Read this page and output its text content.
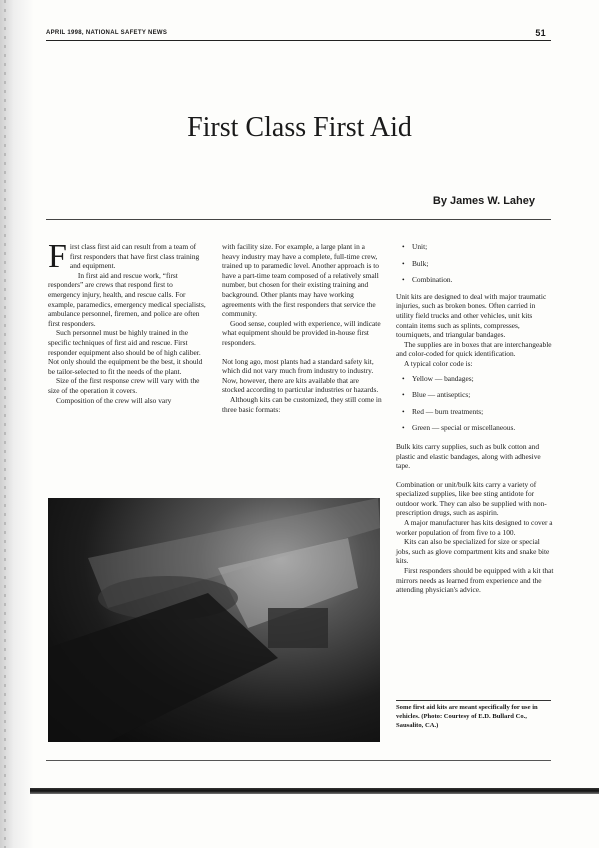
APRIL 1998, NATIONAL SAFETY NEWS	51
First Class First Aid
By James W. Lahey

First class first aid can result from a team of first responders that have first class training and equipment.

In first aid and rescue work, “first responders” are crews that respond first to emergency injury, health, and rescue calls. For example, paramedics, emergency medical specialists, ambulance personnel, firemen, and police are often first responders.

Such personnel must be highly trained in the specific techniques of first aid and rescue. First responder equipment also should be of high caliber. Not only should the equipment be the best, it should be tailor-selected to fit the needs of the plant.

Size of the first response crew will vary with the size of the operation it covers.

Composition of the crew will also vary

with facility size. For example, a large plant in a heavy industry may have a complete, full-time crew, trained up to paramedic level. Another approach is to have a part-time team composed of a relatively small number, but chosen for their existing training and background. Other plants may have working agreements with the first responders that service the community.

Good sense, coupled with experience, will indicate what equipment should be provided in-house first responders.

Not long ago, most plants had a standard safety kit, which did not vary much from industry to industry. Now, however, there are kits available that are stocked according to particular industries or hazards.

Although kits can be customized, they still come in three basic formats:

• Unit;
• Bulk;
• Combination.

Unit kits are designed to deal with major traumatic injuries, such as broken bones. Often carried in utility field trucks and other vehicles, unit kits contain items such as splints, compresses, tourniquets, and triangular bandages.

The supplies are in boxes that are interchangeable and color-coded for quick identification.

A typical color code is:

• Yellow — bandages;
• Blue — antiseptics;
• Red — burn treatments;
• Green — special or miscellaneous.

Bulk kits carry supplies, such as bulk cotton and plastic and elastic bandages, along with adhesive tape.

Combination or unit/bulk kits carry a variety of specialized supplies, like bee sting antidote for outdoor work. They can also be supplied with non-prescription drugs, such as aspirin.

A major manufacturer has kits designed to cover a worker population of from five to a 100.

Kits can also be specialized for size or special jobs, such as glove compartment kits and snake bite kits.

First responders should be equipped with a kit that mirrors needs as learned from experience and the attending physician's advice.

Some first aid kits are meant specifically for use in vehicles. (Photo: Courtesy of E.D. Bullard Co., Sausalito, CA.)
